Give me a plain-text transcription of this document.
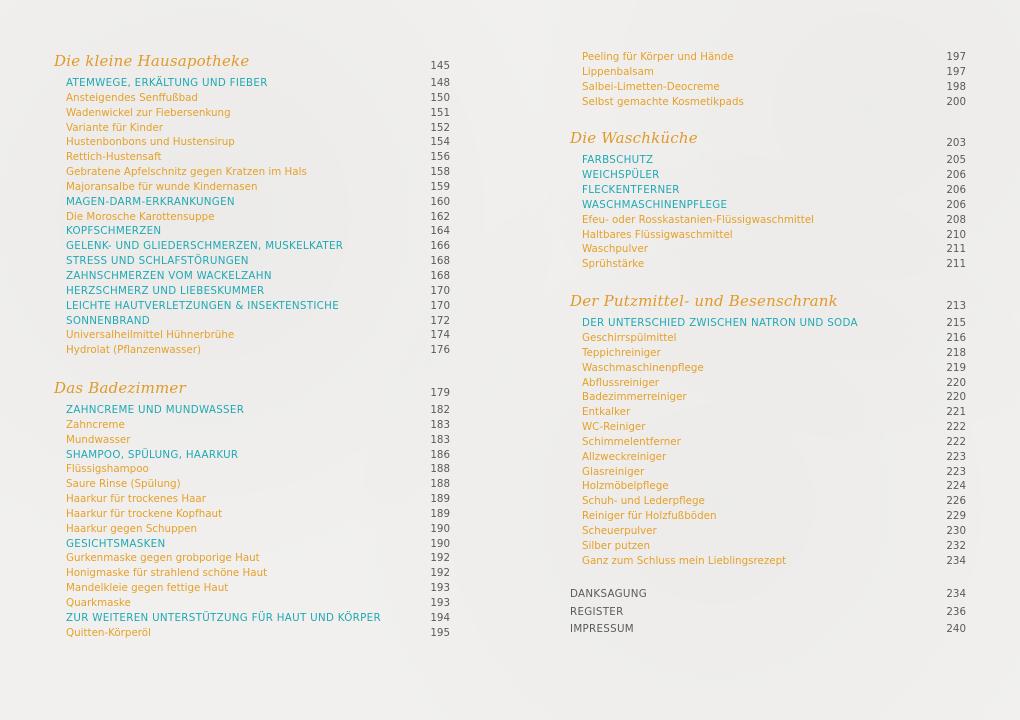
Die kleine Hausapotheke	145
ATEMWEGE, ERKÄLTUNG UND FIEBER	148
Ansteigendes Senffußbad	150
Wadenwickel zur Fiebersenkung	151
Variante für Kinder	152
Hustenbonbons und Hustensirup	154
Rettich-Hustensaft	156
Gebratene Apfelschnitz gegen Kratzen im Hals	158
Majoransalbe für wunde Kindernasen	159
MAGEN-DARM-ERKRANKUNGEN	160
Die Morosche Karottensuppe	162
KOPFSCHMERZEN	164
GELENK- UND GLIEDERSCHMERZEN, MUSKELKATER	166
STRESS UND SCHLAFSTÖRUNGEN	168
ZAHNSCHMERZEN VOM WACKELZAHN	168
HERZSCHMERZ UND LIEBESKUMMER	170
LEICHTE HAUTVERLETZUNGEN & INSEKTENSTICHE	170
SONNENBRAND	172
Universalheilmittel Hühnerbrühe	174
Hydrolat (Pflanzenwasser)	176
Das Badezimmer	179
ZAHNCREME UND MUNDWASSER	182
Zahncreme	183
Mundwasser	183
SHAMPOO, SPÜLUNG, HAARKUR	186
Flüssigshampoo	188
Saure Rinse (Spülung)	188
Haarkur für trockenes Haar	189
Haarkur für trockene Kopfhaut	189
Haarkur gegen Schuppen	190
GESICHTSMASKEN	190
Gurkenmaske gegen grobporige Haut	192
Honigmaske für strahlend schöne Haut	192
Mandelkleie gegen fettige Haut	193
Quarkmaske	193
ZUR WEITEREN UNTERSTÜTZUNG FÜR HAUT UND KÖRPER	194
Quitten-Körperöl	195
Peeling für Körper und Hände	197
Lippenbalsam	197
Salbei-Limetten-Deocreme	198
Selbst gemachte Kosmetikpads	200
Die Waschküche	203
FARBSCHUTZ	205
WEICHSPÜLER	206
FLECKENTFERNER	206
WASCHMASCHINENPFLEGE	206
Efeu- oder Rosskastanien-Flüssigwaschmittel	208
Haltbares Flüssigwaschmittel	210
Waschpulver	211
Sprühstärke	211
Der Putzmittel- und Besenschrank	213
DER UNTERSCHIED ZWISCHEN NATRON UND SODA	215
Geschirrspülmittel	216
Teppichreiniger	218
Waschmaschinenpflege	219
Abflussreiniger	220
Badezimmerreiniger	220
Entkalker	221
WC-Reiniger	222
Schimmelentferner	222
Allzweckreiniger	223
Glasreiniger	223
Holzmöbelpflege	224
Schuh- und Lederpflege	226
Reiniger für Holzfußböden	229
Scheuerpulver	230
Silber putzen	232
Ganz zum Schluss mein Lieblingsrezept	234
DANKSAGUNG	234
REGISTER	236
IMPRESSUM	240
